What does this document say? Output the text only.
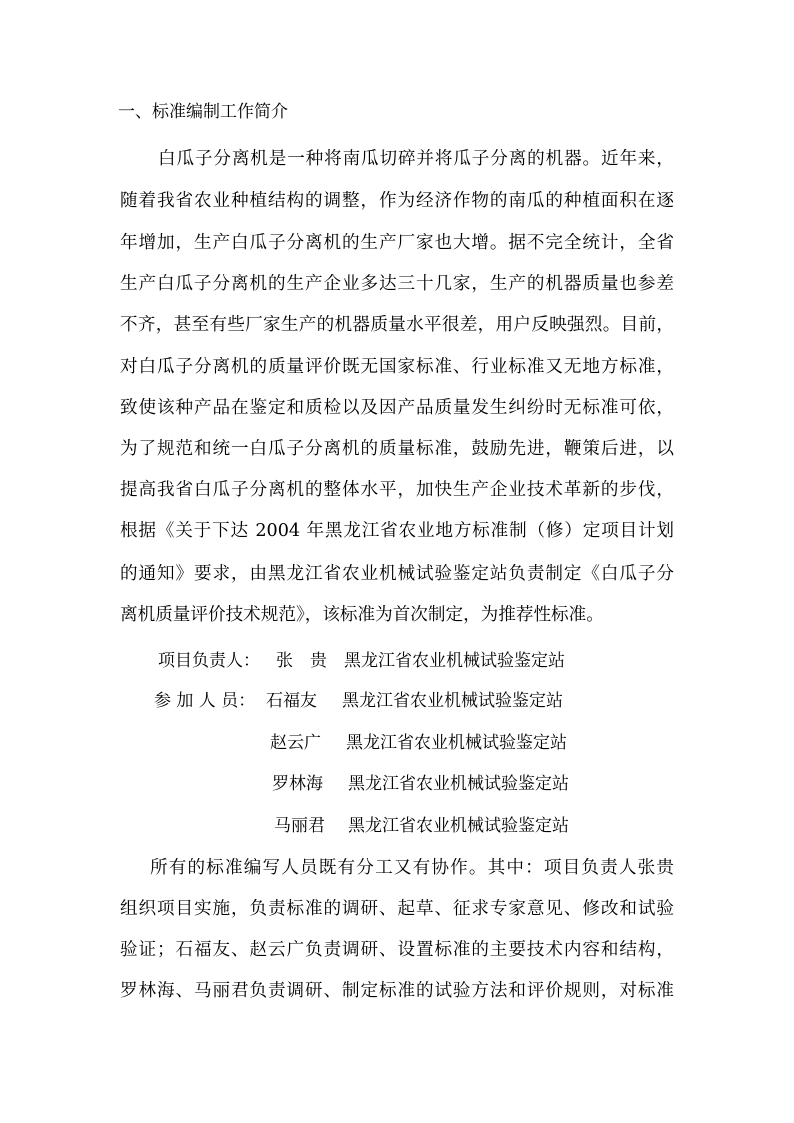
一、标准编制工作简介
白瓜子分离机是一种将南瓜切碎并将瓜子分离的机器。近年来，
随着我省农业种植结构的调整，作为经济作物的南瓜的种植面积在逐
年增加，生产白瓜子分离机的生产厂家也大增。据不完全统计，全省
生产白瓜子分离机的生产企业多达三十几家，生产的机器质量也参差
不齐，甚至有些厂家生产的机器质量水平很差，用户反映强烈。目前，
对白瓜子分离机的质量评价既无国家标准、行业标准又无地方标准，
致使该种产品在鉴定和质检以及因产品质量发生纠纷时无标准可依，
为了规范和统一白瓜子分离机的质量标准，鼓励先进，鞭策后进，以
提高我省白瓜子分离机的整体水平，加快生产企业技术革新的步伐，
根据《关于下达 2004 年黑龙江省农业地方标准制（修）定项目计划
的通知》要求，由黑龙江省农业机械试验鉴定站负责制定《白瓜子分
离机质量评价技术规范》，该标准为首次制定，为推荐性标准。
项目负责人： 张　贵 黑龙江省农业机械试验鉴定站
参 加 人 员： 石福友 黑龙江省农业机械试验鉴定站
赵云广 黑龙江省农业机械试验鉴定站
罗林海 黑龙江省农业机械试验鉴定站
马丽君 黑龙江省农业机械试验鉴定站
所有的标准编写人员既有分工又有协作。其中：项目负责人张贵
组织项目实施，负责标准的调研、起草、征求专家意见、修改和试验
验证；石福友、赵云广负责调研、设置标准的主要技术内容和结构，
罗林海、马丽君负责调研、制定标准的试验方法和评价规则，对标准
